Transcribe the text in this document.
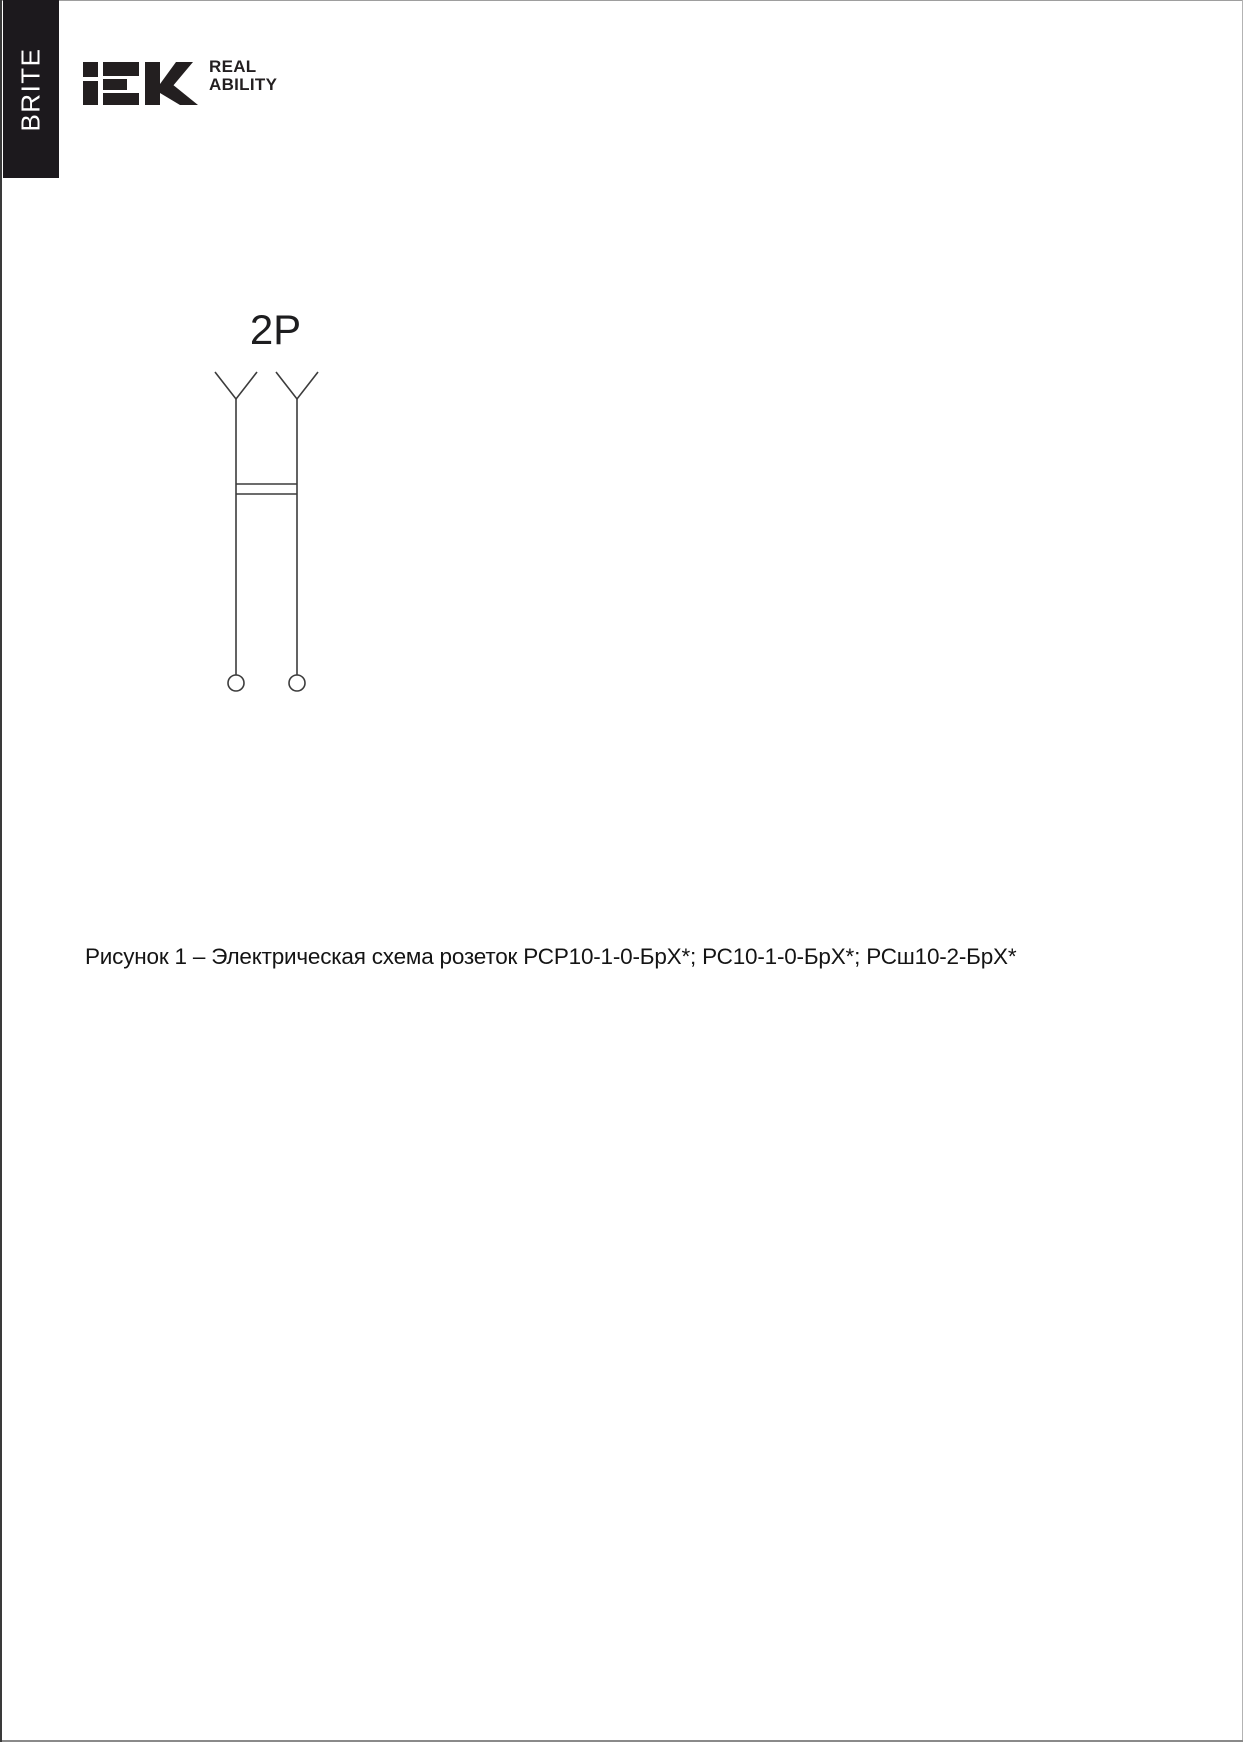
BRITE	REAL
ABILITY
2P
Рисунок 1 – Электрическая схема розеток РСР10-1-0-БрХ*; РС10-1-0-БрХ*; РСш10-2-БрХ*
